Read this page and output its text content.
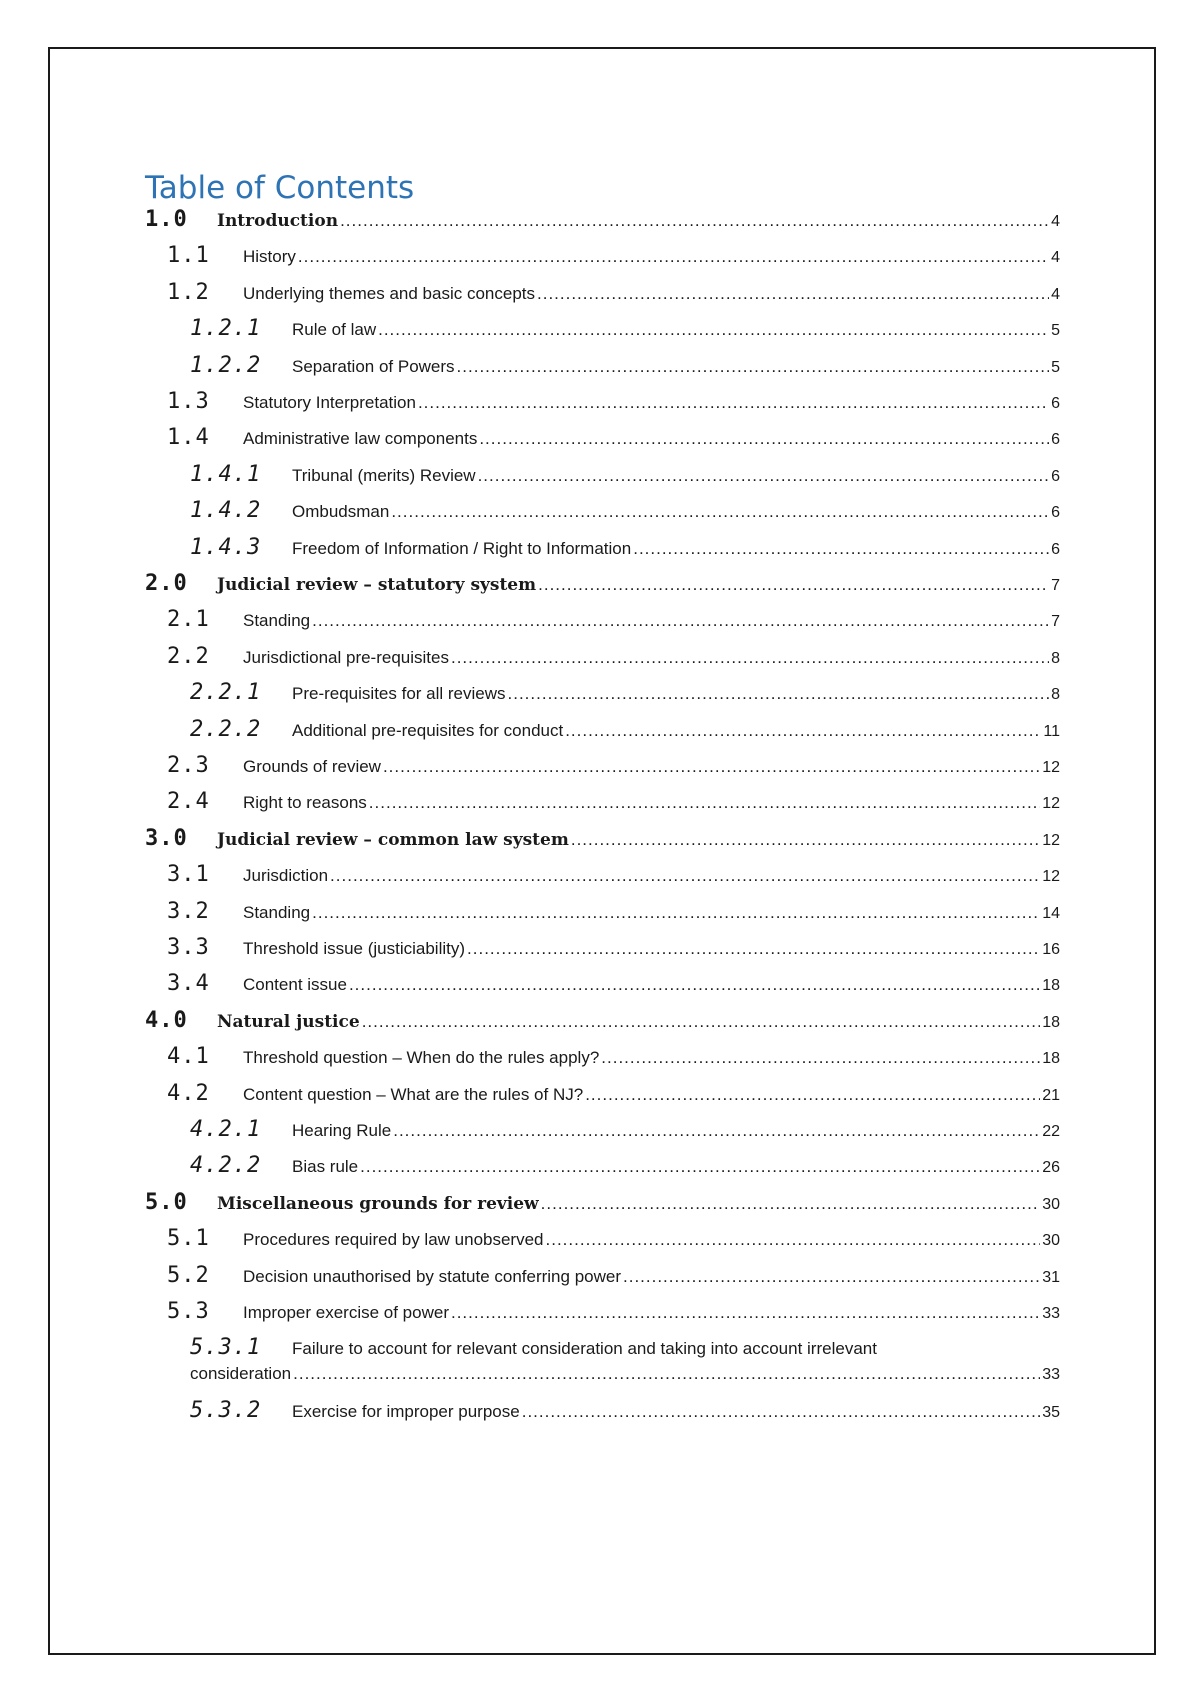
Table of Contents
1.0	Introduction .....	4
1.1	History .....	4
1.2	Underlying themes and basic concepts .....	4
1.2.1	Rule of law .....	5
1.2.2	Separation of Powers .....	5
1.3	Statutory Interpretation .....	6
1.4	Administrative law components .....	6
1.4.1	Tribunal (merits) Review .....	6
1.4.2	Ombudsman .....	6
1.4.3	Freedom of Information / Right to Information .....	6
2.0	Judicial review – statutory system .....	7
2.1	Standing .....	7
2.2	Jurisdictional pre-requisites .....	8
2.2.1	Pre-requisites for all reviews .....	8
2.2.2	Additional pre-requisites for conduct .....	11
2.3	Grounds of review .....	12
2.4	Right to reasons .....	12
3.0	Judicial review – common law system .....	12
3.1	Jurisdiction .....	12
3.2	Standing .....	14
3.3	Threshold issue (justiciability) .....	16
3.4	Content issue .....	18
4.0	Natural justice .....	18
4.1	Threshold question – When do the rules apply? .....	18
4.2	Content question – What are the rules of NJ? .....	21
4.2.1	Hearing Rule .....	22
4.2.2	Bias rule .....	26
5.0	Miscellaneous grounds for review .....	30
5.1	Procedures required by law unobserved .....	30
5.2	Decision unauthorised by statute conferring power .....	31
5.3	Improper exercise of power .....	33
5.3.1	Failure to account for relevant consideration and taking into account irrelevant
consideration .....	33
5.3.2	Exercise for improper purpose .....	35
